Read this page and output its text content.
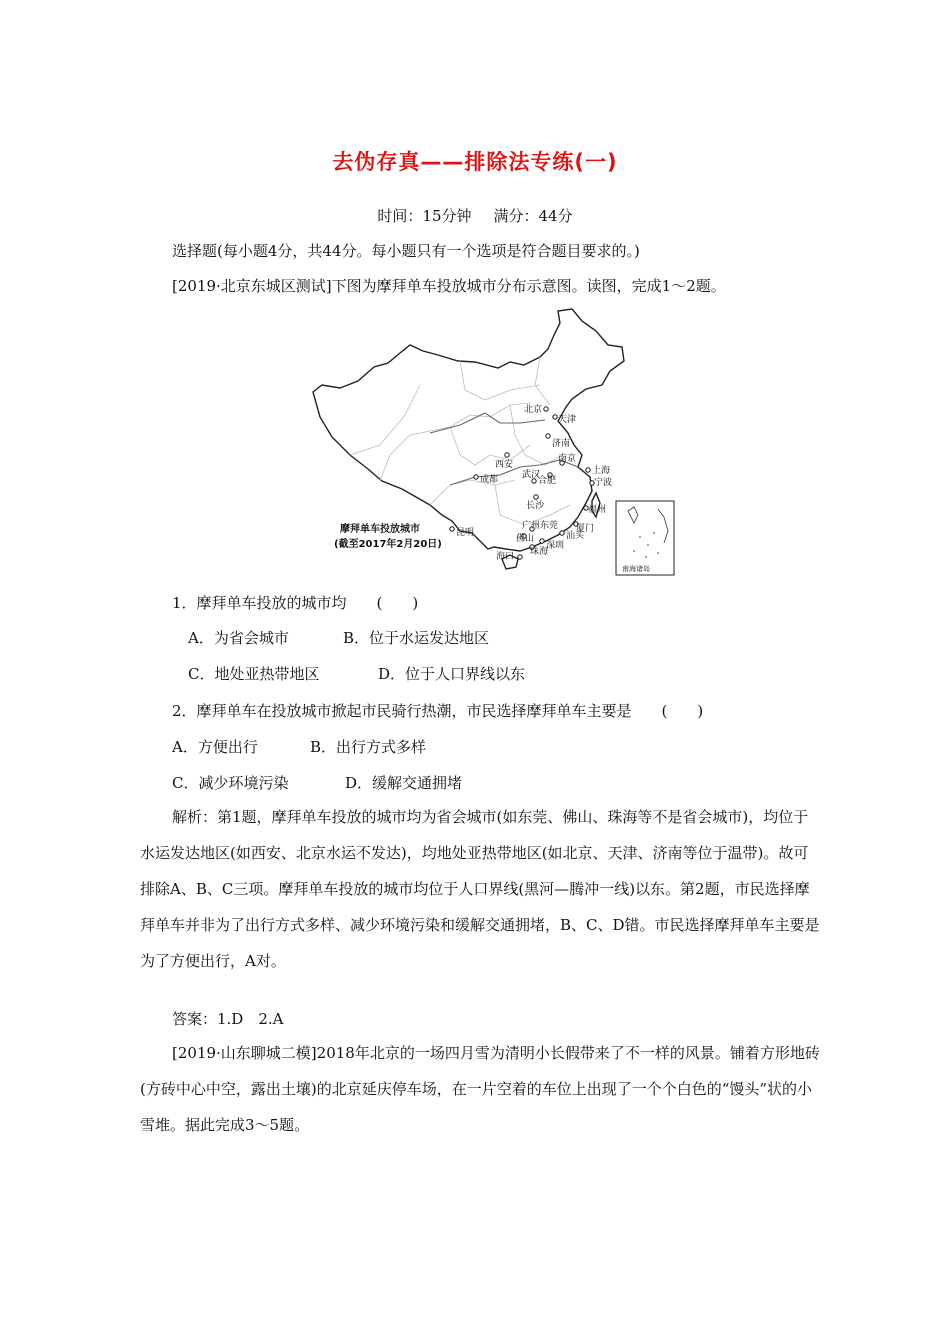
去伪存真——排除法专练(一)
时间：15分钟 满分：44分
选择题(每小题4分，共44分。每小题只有一个选项是符合题目要求的。)
[2019·北京东城区测试]下图为摩拜单车投放城市分布示意图。读图，完成1～2题。
南海诸岛
北京
天津
济南
西安
南京
上海
成都	武汉
合肥	宁波
长沙	福州
昆明
广州东莞 厦门
佛山	汕头
深圳
珠海
海口
摩拜单车投放城市
(截至2017年2月20日)
1．摩拜单车投放的城市均　　(　　)
A．为省会城市	B．位于水运发达地区
C．地处亚热带地区	D．位于人口界线以东
2．摩拜单车在投放城市掀起市民骑行热潮，市民选择摩拜单车主要是　　(　　)
A．方便出行	B．出行方式多样
C．减少环境污染	D．缓解交通拥堵
解析：第1题，摩拜单车投放的城市均为省会城市(如东莞、佛山、珠海等不是省会城市)，均位于水运发达地区(如西安、北京水运不发达)，均地处亚热带地区(如北京、天津、济南等位于温带)。故可排除A、B、C三项。摩拜单车投放的城市均位于人口界线(黑河—腾冲一线)以东。第2题，市民选择摩拜单车并非为了出行方式多样、减少环境污染和缓解交通拥堵，B、C、D错。市民选择摩拜单车主要是为了方便出行，A对。
答案：1.D　2.A
[2019·山东聊城二模]2018年北京的一场四月雪为清明小长假带来了不一样的风景。铺着方形地砖(方砖中心中空，露出土壤)的北京延庆停车场，在一片空着的车位上出现了一个个白色的“馒头”状的小雪堆。据此完成3～5题。
